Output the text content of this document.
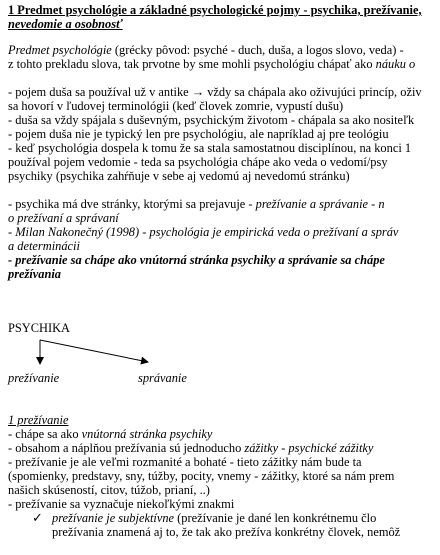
1 Predmet psychológie a základné psychologické pojmy - psychika, prežívanie,
nevedomie a osobnosť
Predmet psychológie (grécky pôvod: psyché - duch, duša, a logos slovo, veda) -
z tohto prekladu slova, tak prvotne by sme mohli psychológiu chápať ako náuku o
- pojem duša sa používal už v antike → vždy sa chápala ako oživujúci princíp, oživ
sa hovorí v ľudovej terminológii (keď človek zomrie, vypustí dušu)
- duša sa vždy spájala s duševným, psychickým životom - chápala sa ako nositeľk
- pojem duša nie je typický len pre psychológiu, ale napríklad aj pre teológiu
- keď psychológia dospela k tomu že sa stala samostatnou disciplínou, na konci 1
používal pojem vedomie - teda sa psychológia chápe ako veda o vedomí/psy
psychiky (psychika zahŕňuje v sebe aj vedomú aj nevedomú stránku)
- psychika má dve stránky, ktorými sa prejavuje - prežívanie a správanie - n
o prežívaní a správaní
- Milan Nakonečný (1998) - psychológia je empirická veda o prežívaní a správ
a determinácii
- prežívanie sa chápe ako vnútorná stránka psychiky a správanie sa chápe
prežívania
PSYCHIKA
prežívanie	správanie
1 prežívanie
- chápe sa ako vnútorná stránka psychiky
- obsahom a náplňou prežívania sú jednoducho zážitky - psychické zážitky
- prežívanie je ale veľmi rozmanité a bohaté - tieto zážitky nám bude ta
(spomienky, predstavy, sny, túžby, pocity, vnemy - zážitky, ktoré sa nám prem
našich skúseností, citov, túžob, prianí, ..)
- prežívanie sa vyznačuje niekoľkými znakmi
✓ prežívanie je subjektívne (prežívanie je dané len konkrétnemu člo
prežívania znamená aj to, že tak ako prežíva konkrétny človek, nemôž
